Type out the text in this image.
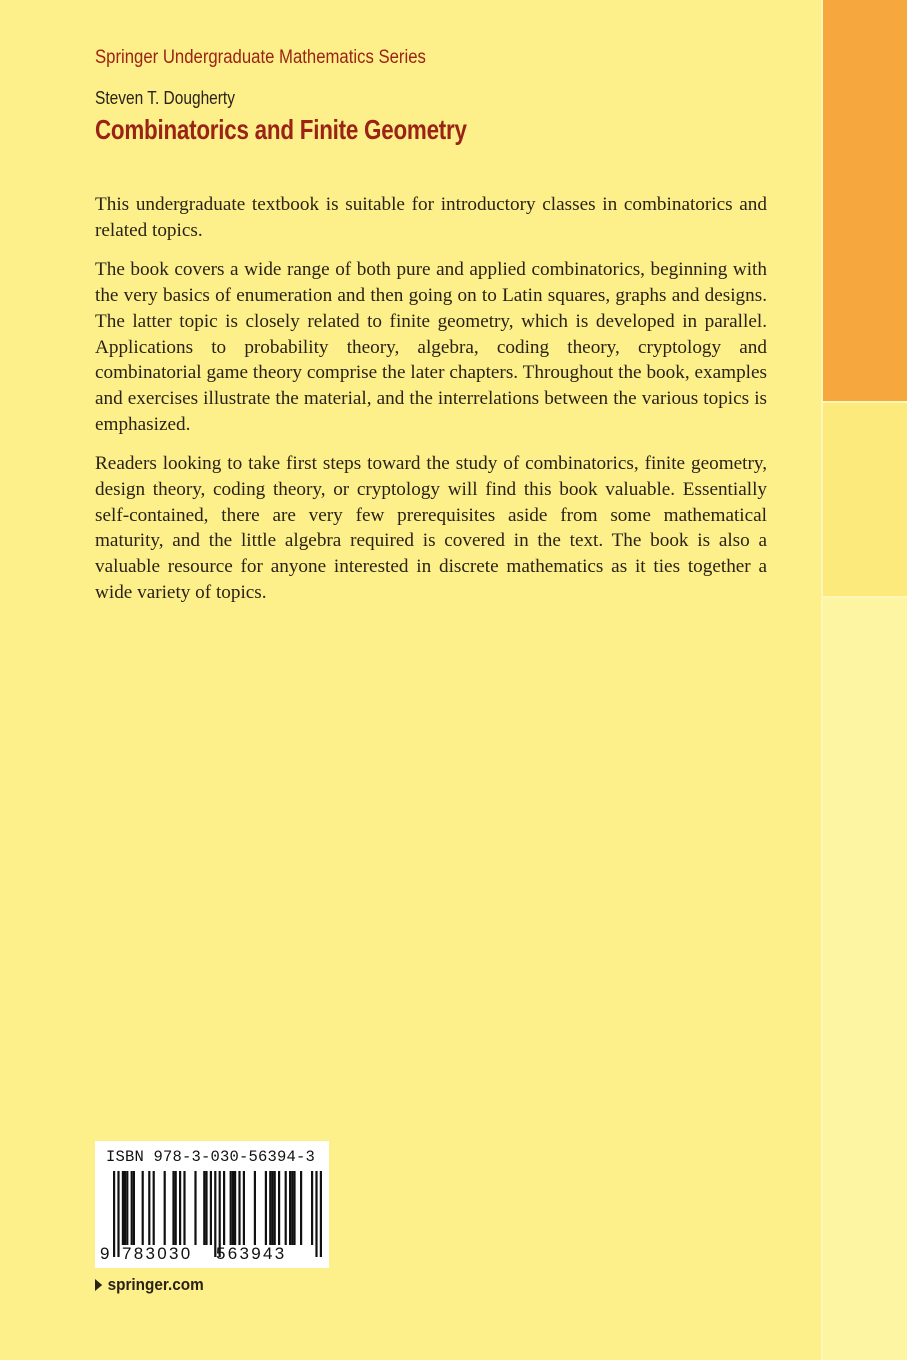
Springer Undergraduate Mathematics Series
Steven T. Dougherty
Combinatorics and Finite Geometry

This undergraduate textbook is suitable for introductory classes in combinatorics and related topics.

The book covers a wide range of both pure and applied combinatorics, beginning with the very basics of enumeration and then going on to Latin squares, graphs and designs. The latter topic is closely related to finite geometry, which is developed in parallel. Applications to probability theory, algebra, coding theory, cryptology and combinatorial game theory comprise the later chapters. Throughout the book, examples and exercises illustrate the material, and the interrelations between the various topics is emphasized.

Readers looking to take first steps toward the study of combinatorics, finite geometry, design theory, coding theory, or cryptology will find this book valuable. Essentially self-contained, there are very few prerequisites aside from some mathematical maturity, and the little algebra required is covered in the text. The book is also a valuable resource for anyone interested in discrete mathematics as it ties together a wide variety of topics.

ISBN 978-3-030-56394-3
9 783030 563943
springer.com
